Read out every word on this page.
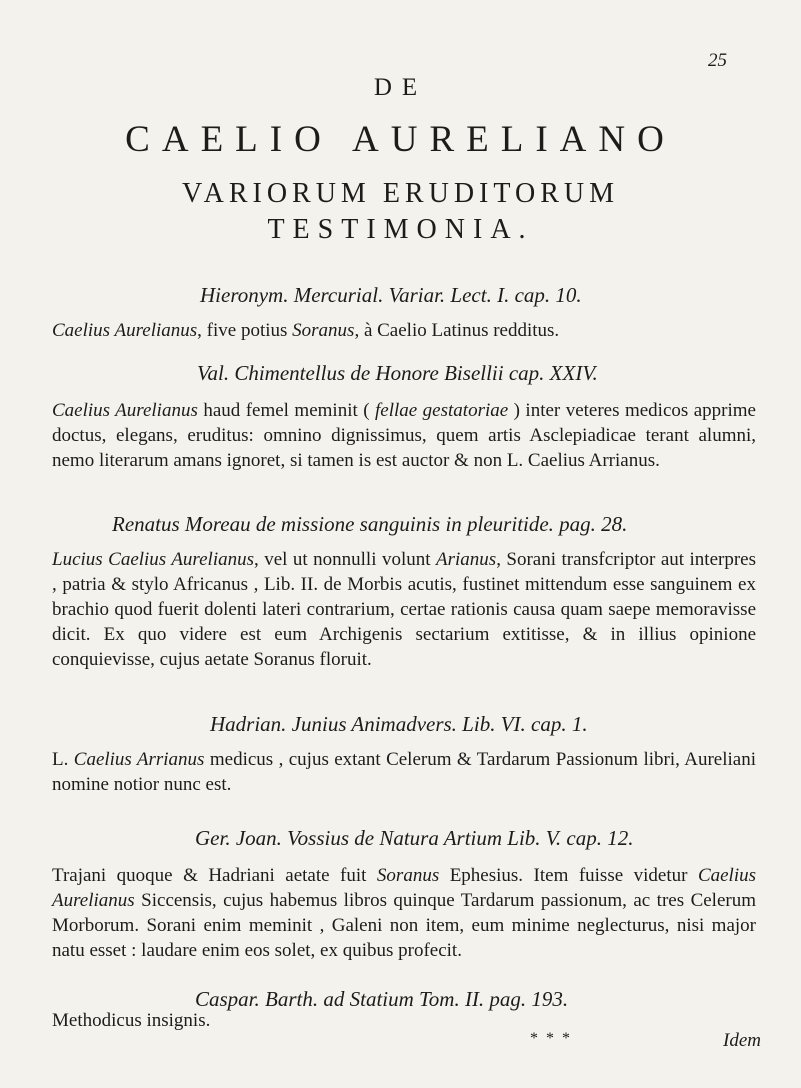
25
DE
CAELIO AURELIANO
VARIORUM ERUDITORUM
TESTIMONIA.
Hieronym. Mercurial. Variar. Lect. I. cap. 10.
Caelius Aurelianus, five potius Soranus, à Caelio Latinus redditus.
Val. Chimentellus de Honore Bisellii cap. XXIV.
Caelius Aurelianus haud femel meminit ( fellae gestatoriae ) inter veteres medicos apprime doctus, elegans, eruditus: omnino dignissimus, quem artis Asclepiadicae terant alumni, nemo literarum amans ignoret, si tamen is est auctor & non L. Caelius Arrianus.
Renatus Moreau de missione sanguinis in pleuritide. pag. 28.
Lucius Caelius Aurelianus, vel ut nonnulli volunt Arianus, Sorani transfcriptor aut interpres , patria & stylo Africanus , Lib. II. de Morbis acutis, fustinet mittendum esse sanguinem ex brachio quod fuerit dolenti lateri contrarium, certae rationis causa quam saepe memoravisse dicit. Ex quo videre est eum Archigenis sectarium extitisse, & in illius opinione conquievisse, cujus aetate Soranus floruit.
Hadrian. Junius Animadvers. Lib. VI. cap. 1.
L. Caelius Arrianus medicus , cujus extant Celerum & Tardarum Passionum libri, Aureliani nomine notior nunc est.
Ger. Joan. Vossius de Natura Artium Lib. V. cap. 12.
Trajani quoque & Hadriani aetate fuit Soranus Ephesius. Item fuisse videtur Caelius Aurelianus Siccensis, cujus habemus libros quinque Tardarum passionum, ac tres Celerum Morborum. Sorani enim meminit , Galeni non item, eum minime neglecturus, nisi major natu esset : laudare enim eos solet, ex quibus profecit.
Caspar. Barth. ad Statium Tom. II. pag. 193.
Methodicus insignis.
* * *	Idem
